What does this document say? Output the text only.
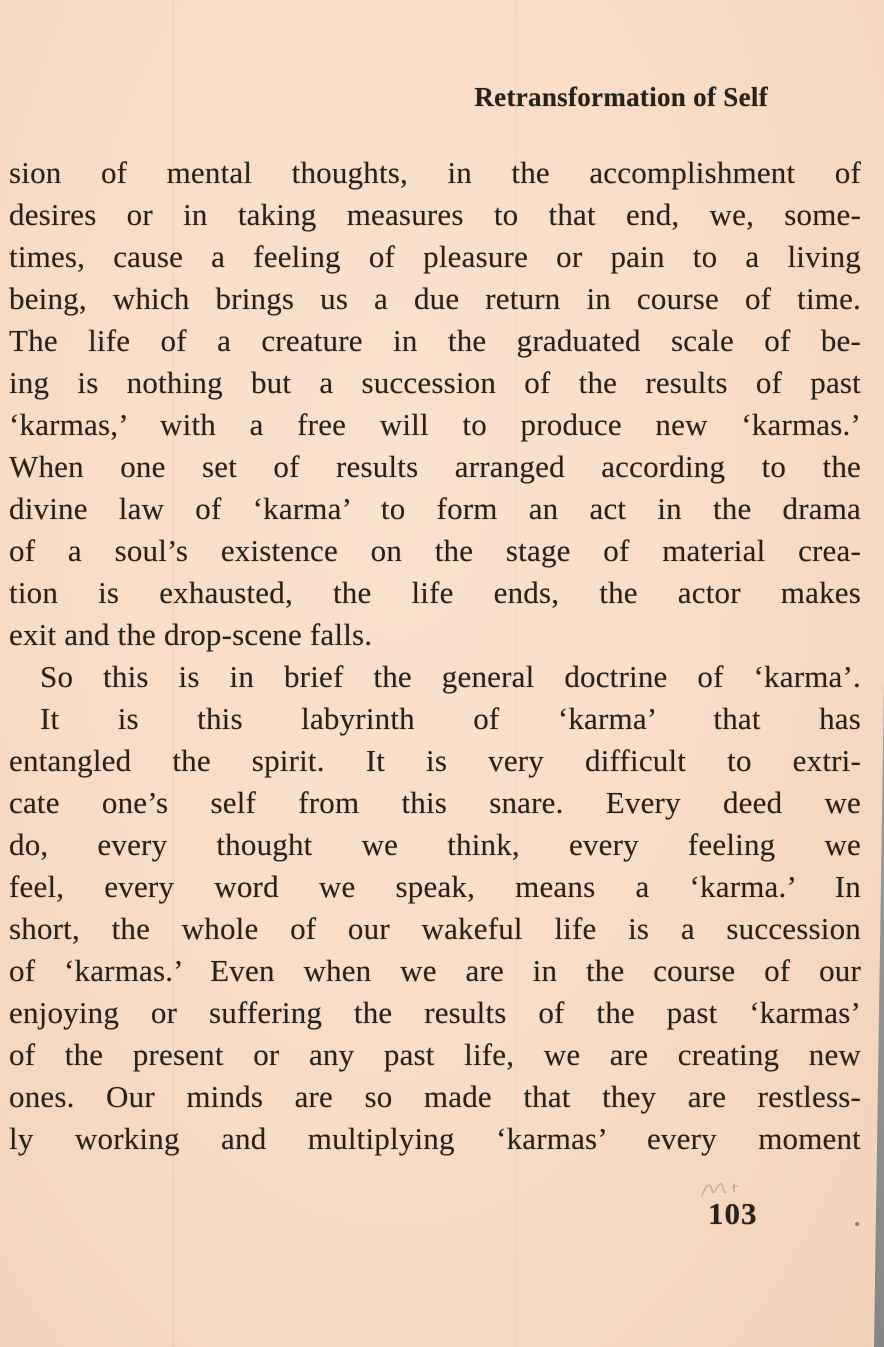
Retransformation of Self
sion of mental thoughts, in the accomplishment of
desires or in taking measures to that end, we, some-
times, cause a feeling of pleasure or pain to a living
being, which brings us a due return in course of time.
The life of a creature in the graduated scale of be-
ing is nothing but a succession of the results of past
‘karmas,’ with a free will to produce new ‘karmas.’
When one set of results arranged according to the
divine law of ‘karma’ to form an act in the drama
of a soul’s existence on the stage of material crea-
tion is exhausted, the life ends, the actor makes
exit and the drop-scene falls.
So this is in brief the general doctrine of ‘karma’.
It is this labyrinth of ‘karma’ that has
entangled the spirit. It is very difficult to extri-
cate one’s self from this snare. Every deed we
do, every thought we think, every feeling we
feel, every word we speak, means a ‘karma.’ In
short, the whole of our wakeful life is a succession
of ‘karmas.’ Even when we are in the course of our
enjoying or suffering the results of the past ‘karmas’
of the present or any past life, we are creating new
ones. Our minds are so made that they are restless-
ly working and multiplying ‘karmas’ every moment
103
